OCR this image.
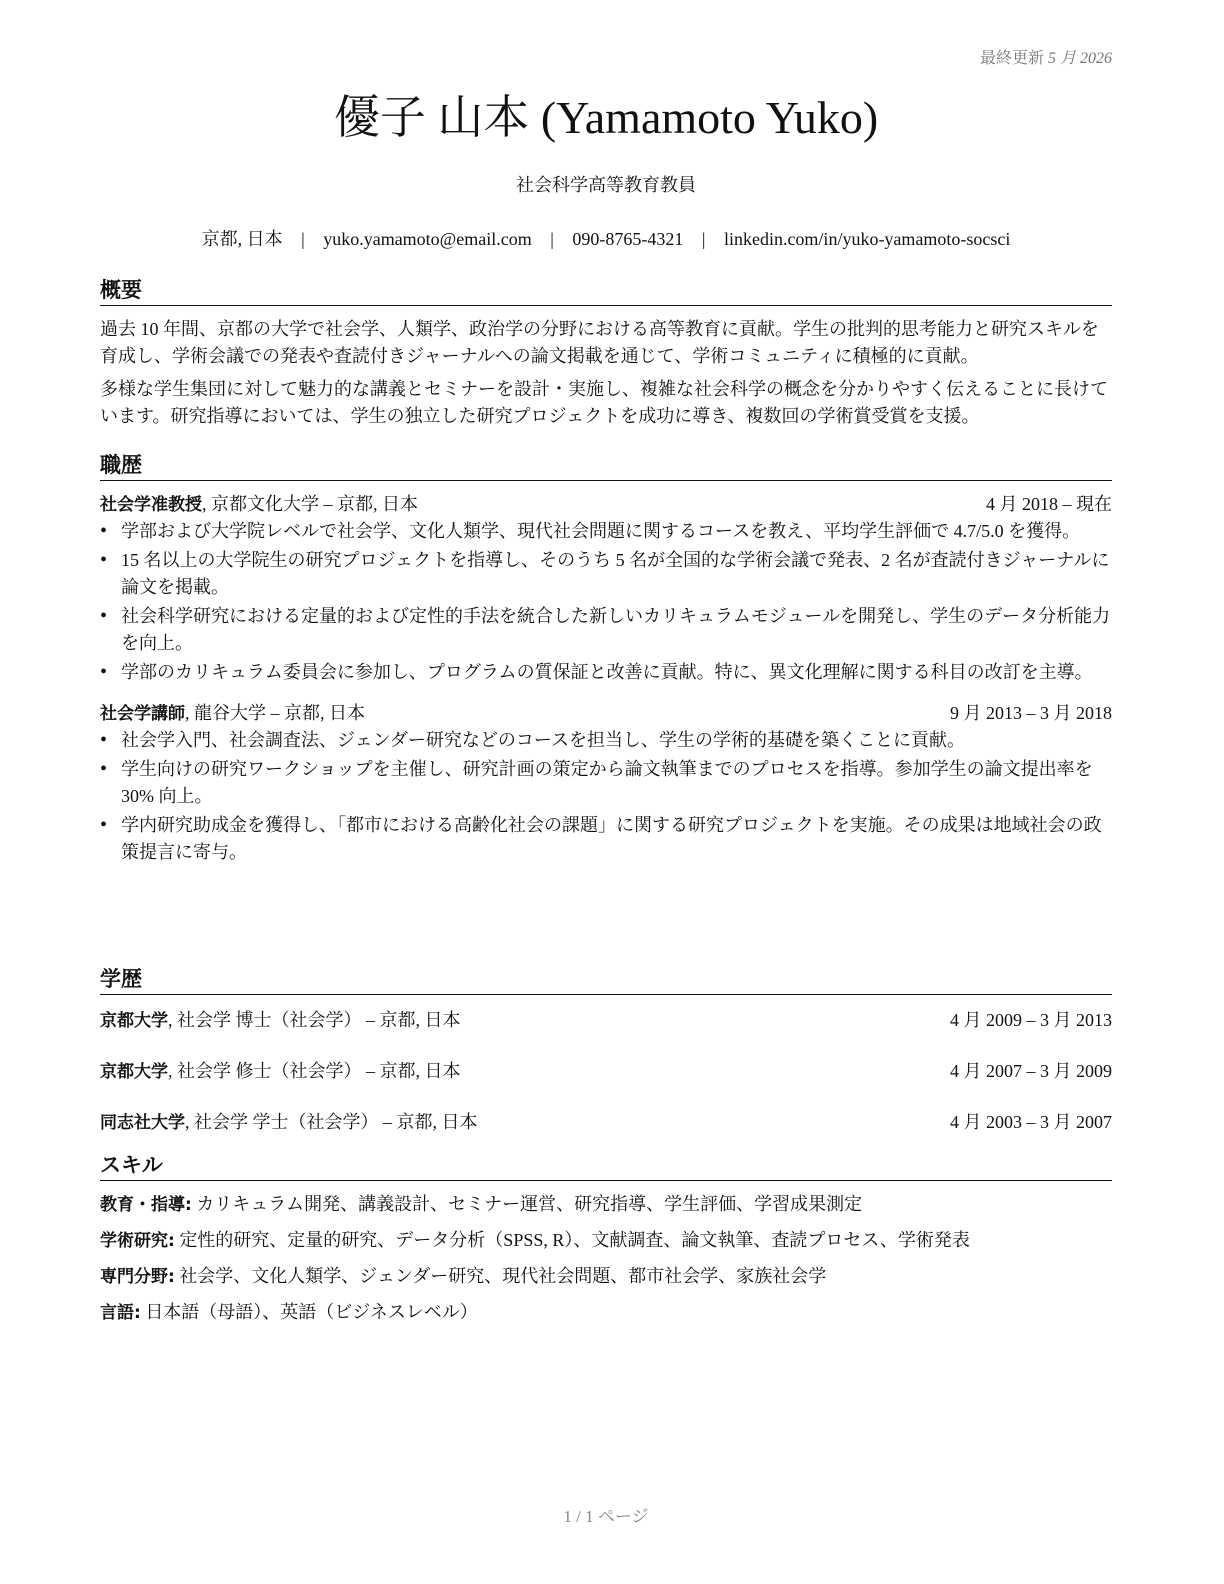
最終更新 5 月 2026
優子 山本 (Yamamoto Yuko)
社会科学高等教育教員
京都, 日本 | yuko.yamamoto@email.com | 090-8765-4321 | linkedin.com/in/yuko-yamamoto-socsci
概要

過去 10 年間、京都の大学で社会学、人類学、政治学の分野における高等教育に貢献。学生の批判的思考能力と研究スキルを育成し、学術会議での発表や査読付きジャーナルへの論文掲載を通じて、学術コミュニティに積極的に貢献。

多様な学生集団に対して魅力的な講義とセミナーを設計・実施し、複雑な社会科学の概念を分かりやすく伝えることに長けています。研究指導においては、学生の独立した研究プロジェクトを成功に導き、複数回の学術賞受賞を支援。

職歴
社会学准教授, 京都文化大学 – 京都, 日本	4 月 2018 – 現在
• 学部および大学院レベルで社会学、文化人類学、現代社会問題に関するコースを教え、平均学生評価で 4.7/5.0 を獲得。
• 15 名以上の大学院生の研究プロジェクトを指導し、そのうち 5 名が全国的な学術会議で発表、2 名が査読付きジャーナルに論文を掲載。
• 社会科学研究における定量的および定性的手法を統合した新しいカリキュラムモジュールを開発し、学生のデータ分析能力を向上。
• 学部のカリキュラム委員会に参加し、プログラムの質保証と改善に貢献。特に、異文化理解に関する科目の改訂を主導。
社会学講師, 龍谷大学 – 京都, 日本	9 月 2013 – 3 月 2018
• 社会学入門、社会調査法、ジェンダー研究などのコースを担当し、学生の学術的基礎を築くことに貢献。
• 学生向けの研究ワークショップを主催し、研究計画の策定から論文執筆までのプロセスを指導。参加学生の論文提出率を 30% 向上。
• 学内研究助成金を獲得し、「都市における高齢化社会の課題」に関する研究プロジェクトを実施。その成果は地域社会の政策提言に寄与。
学歴
京都大学, 社会学 博士（社会学） – 京都, 日本	4 月 2009 – 3 月 2013
京都大学, 社会学 修士（社会学） – 京都, 日本	4 月 2007 – 3 月 2009
同志社大学, 社会学 学士（社会学） – 京都, 日本	4 月 2003 – 3 月 2007
スキル
教育・指導: カリキュラム開発、講義設計、セミナー運営、研究指導、学生評価、学習成果測定
学術研究: 定性的研究、定量的研究、データ分析（SPSS, R）、文献調査、論文執筆、査読プロセス、学術発表
専門分野: 社会学、文化人類学、ジェンダー研究、現代社会問題、都市社会学、家族社会学
言語: 日本語（母語）、英語（ビジネスレベル）
1 / 1 ページ
